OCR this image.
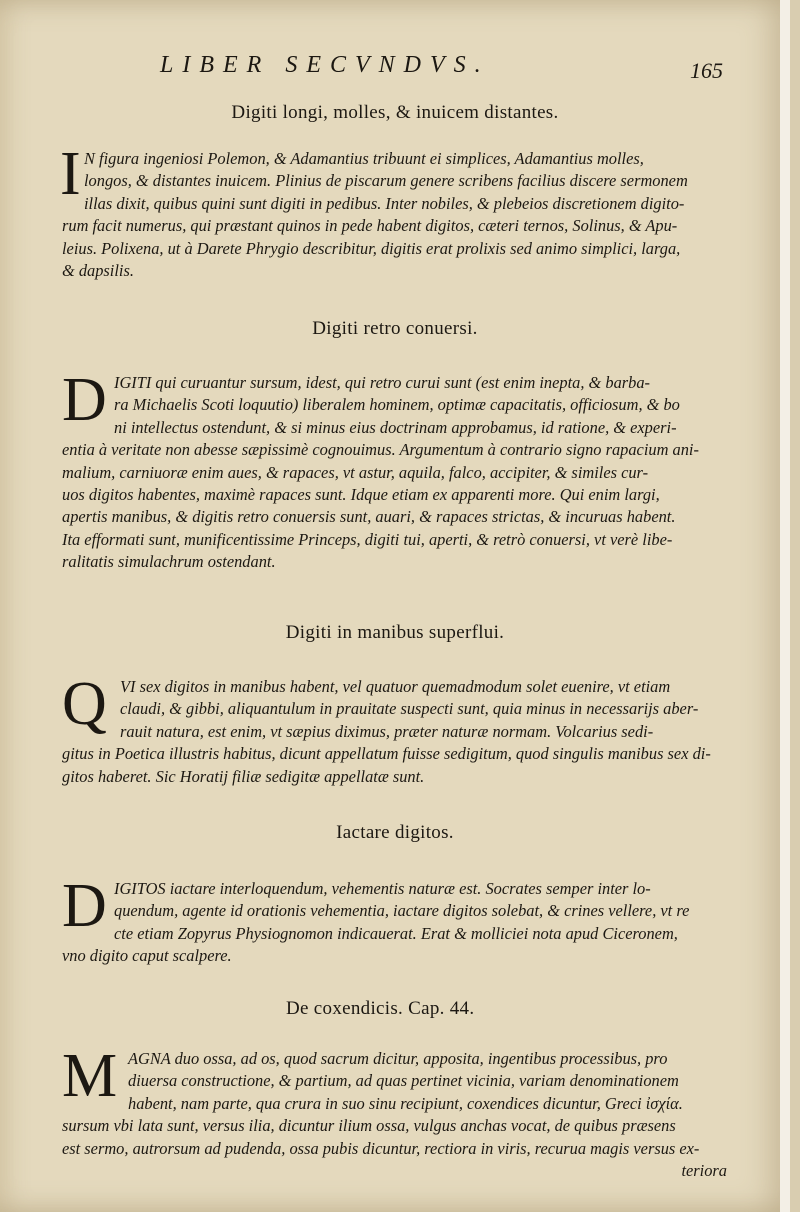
LIBER SECVNDVS.	165
Digiti longi, molles, & inuicem distantes.
I N figura ingeniosi Polemon, & Adamantius tribuunt ei simplices, Adamantius molles,
longos, & distantes inuicem. Plinius de piscarum genere scribens facilius discere sermonem
illas dixit, quibus quini sunt digiti in pedibus. Inter nobiles, & plebeios discretionem digito-
rum facit numerus, qui præstant quinos in pede habent digitos, cæteri ternos, Solinus, & Apu-
leius. Polixena, ut à Darete Phrygio describitur, digitis erat prolixis sed animo simplici, larga,
& dapsilis.
Digiti retro conuersi.
D IGITI qui curuantur sursum, idest, qui retro curui sunt (est enim inepta, & barba-
ra Michaelis Scoti loquutio) liberalem hominem, optimæ capacitatis, officiosum, & bo
ni intellectus ostendunt, & si minus eius doctrinam approbamus, id ratione, & experi-
entia à veritate non abesse sæpissimè cognouimus. Argumentum à contrario signo rapacium ani-
malium, carniuoræ enim aues, & rapaces, vt astur, aquila, falco, accipiter, & similes cur-
uos digitos habentes, maximè rapaces sunt. Idque etiam ex apparenti more. Qui enim largi,
apertis manibus, & digitis retro conuersis sunt, auari, & rapaces strictas, & incuruas habent.
Ita efformati sunt, munificentissime Princeps, digiti tui, aperti, & retrò conuersi, vt verè libe-
ralitatis simulachrum ostendant.
Digiti in manibus superflui.
Q VI sex digitos in manibus habent, vel quatuor quemadmodum solet euenire, vt etiam
claudi, & gibbi, aliquantulum in prauitate suspecti sunt, quia minus in necessarijs aber-
rauit natura, est enim, vt sæpius diximus, præter naturæ normam. Volcarius sedi-
gitus in Poetica illustris habitus, dicunt appellatum fuisse sedigitum, quod singulis manibus sex di-
gitos haberet. Sic Horatij filiæ sedigitæ appellatæ sunt.
Iactare digitos.
D IGITOS iactare interloquendum, vehementis naturæ est. Socrates semper inter lo-
quendum, agente id orationis vehementia, iactare digitos solebat, & crines vellere, vt re
cte etiam Zopyrus Physiognomon indicauerat. Erat & molliciei nota apud Ciceronem,
vno digito caput scalpere.
De coxendicis. Cap. 44.
M AGNA duo ossa, ad os, quod sacrum dicitur, apposita, ingentibus processibus, pro
diuersa constructione, & partium, ad quas pertinet vicinia, variam denominationem
habent, nam parte, qua crura in suo sinu recipiunt, coxendices dicuntur, Greci ἰσχία.
sursum vbi lata sunt, versus ilia, dicuntur ilium ossa, vulgus anchas vocat, de quibus præsens
est sermo, autrorsum ad pudenda, ossa pubis dicuntur, rectiora in viris, recurua magis versus ex-
teriora
